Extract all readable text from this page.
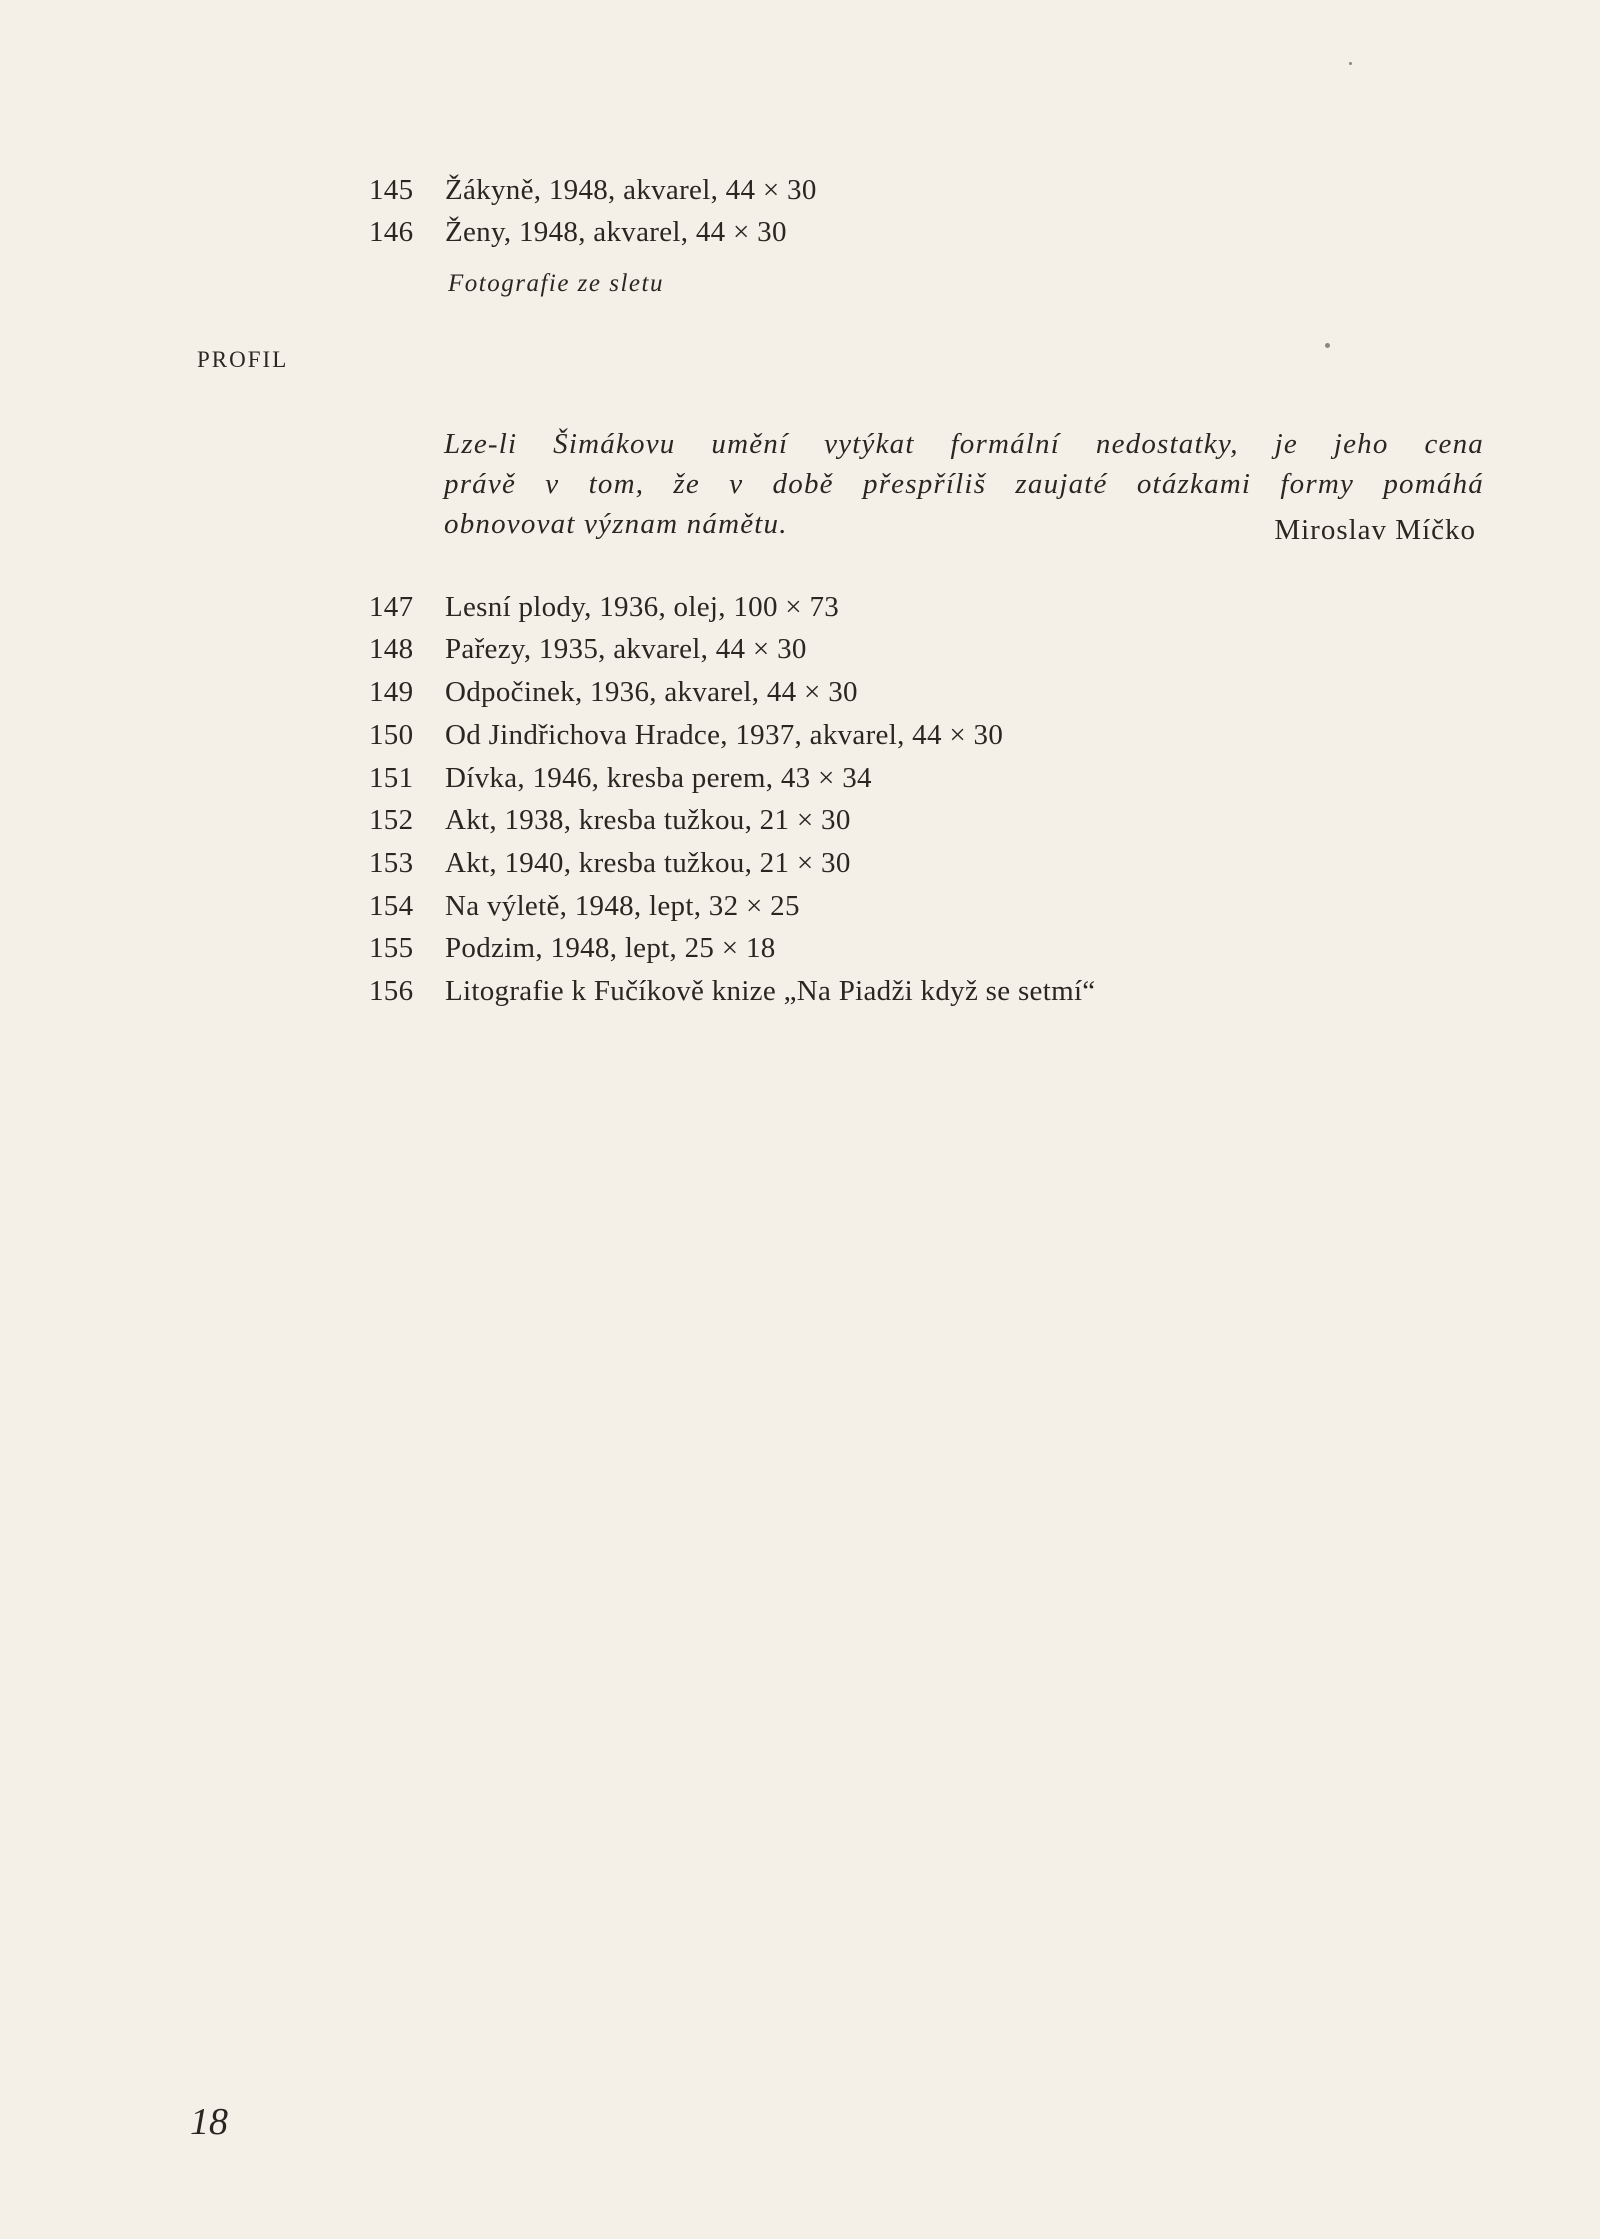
145	Žákyně, 1948, akvarel, 44 × 30
146	Ženy, 1948, akvarel, 44 × 30
Fotografie ze sletu
PROFIL
Lze-li Šimákovu umění vytýkat formální nedostatky, je jeho cena
právě v tom, že v době přespříliš zaujaté otázkami formy pomáhá
obnovovat význam námětu.	Miroslav Míčko
147	Lesní plody, 1936, olej, 100 × 73
148	Pařezy, 1935, akvarel, 44 × 30
149	Odpočinek, 1936, akvarel, 44 × 30
150	Od Jindřichova Hradce, 1937, akvarel, 44 × 30
151	Dívka, 1946, kresba perem, 43 × 34
152	Akt, 1938, kresba tužkou, 21 × 30
153	Akt, 1940, kresba tužkou, 21 × 30
154	Na výletě, 1948, lept, 32 × 25
155	Podzim, 1948, lept, 25 × 18
156	Litografie k Fučíkově knize „Na Piadži když se setmí“
18
